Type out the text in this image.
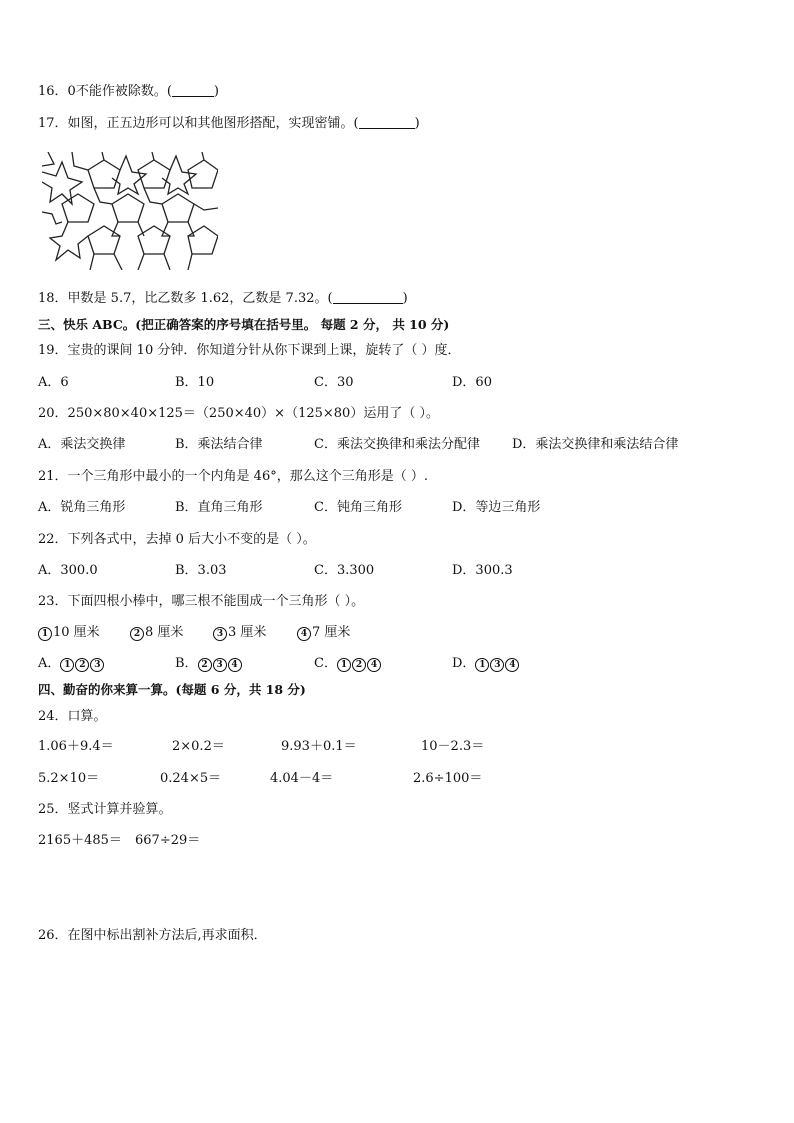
16．0不能作被除数。(	)
17．如图，正五边形可以和其他图形搭配，实现密铺。(	)
18．甲数是 5.7，比乙数多 1.62，乙数是 7.32。(	)
三、快乐 ABC。(把正确答案的序号填在括号里。 每题 2 分， 共 10 分)
19．宝贵的课间 10 分钟．你知道分针从你下课到上课，旋转了（ ）度．
A．6	B．10	C．30	D．60
20．250×80×40×125＝（250×40）×（125×80）运用了（ ）。
A．乘法交换律	B．乘法结合律	C．乘法交换律和乘法分配律 D．乘法交换律和乘法结合律
21．一个三角形中最小的一个内角是 46°，那么这个三角形是（ ）.
A．锐角三角形	B．直角三角形	C．钝角三角形	D．等边三角形
22．下列各式中，去掉 0 后大小不变的是（ ）。
A．300.0	B．3.03	C．3.300	D．300.3
23．下面四根小棒中，哪三根不能围成一个三角形（ ）。
1 10 厘米	2 8 厘米	3 3 厘米	4 7 厘米
A． 1 2 3	B． 2 3 4	C． 1 2 4	D． 1 3 4
四、勤奋的你来算一算。(每题 6 分，共 18 分)
24．口算。
1.06＋9.4＝	2×0.2＝	9.93＋0.1＝	10－2.3＝
5.2×10＝	0.24×5＝	4.04－4＝	2.6÷100＝
25．竖式计算并验算。
2165＋485＝ 667÷29＝
26．在图中标出割补方法后,再求面积．
